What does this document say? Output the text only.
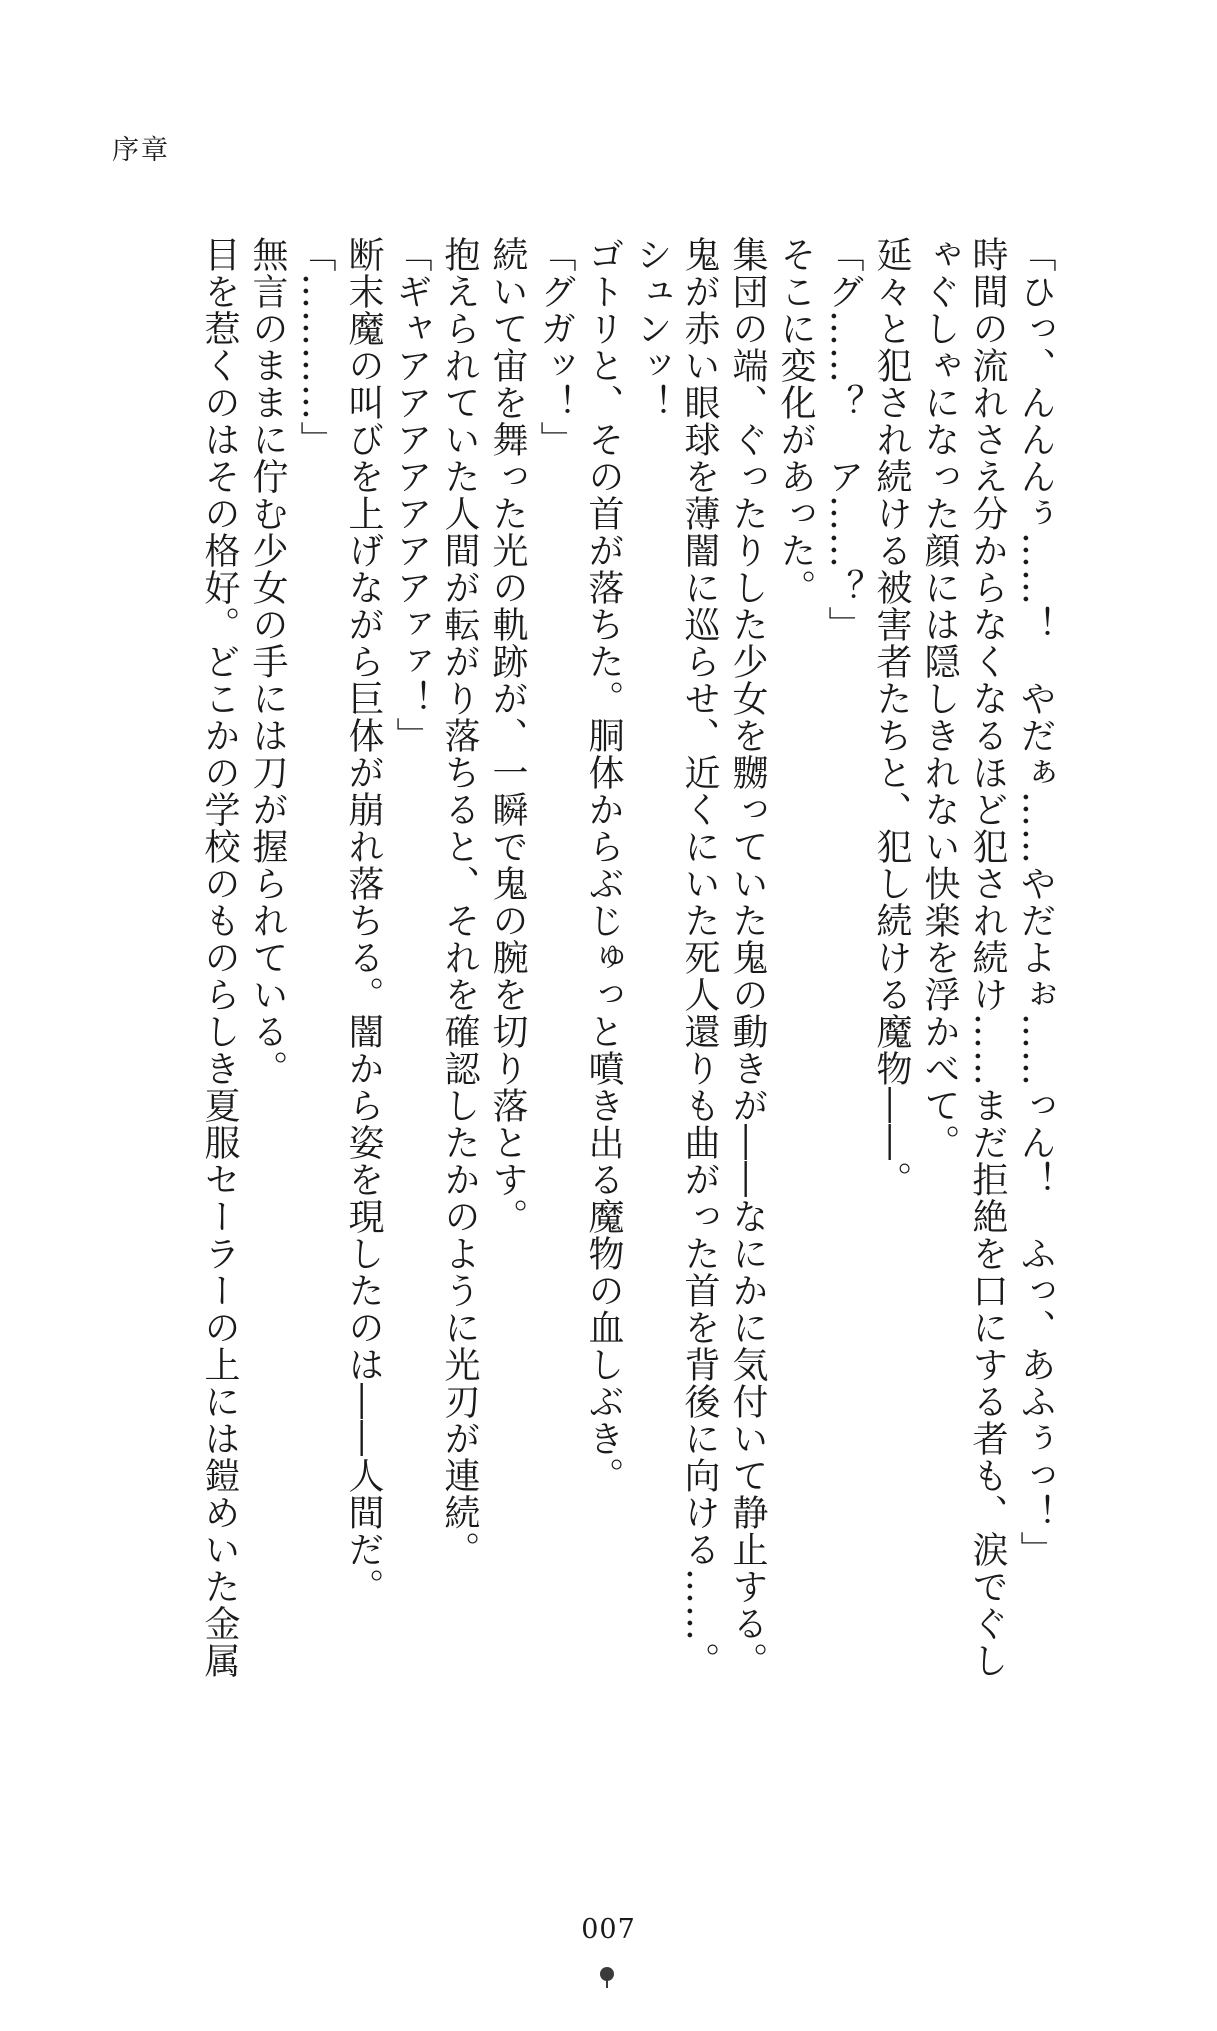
序章

「ひっ、んんんぅ……！　やだぁ……やだよぉ……っん！　ふっ、あふぅっ！」

時間の流れさえ分からなくなるほど犯され続け……まだ拒絶を口にする者も、涙でぐし

ゃぐしゃになった顔には隠しきれない快楽を浮かべて。

延々と犯され続ける被害者たちと、犯し続ける魔物――。

「グ……？　ア……？」

そこに変化があった。

集団の端、ぐったりした少女を嬲っていた鬼の動きが――なにかに気付いて静止する。

鬼が赤い眼球を薄闇に巡らせ、近くにいた死人還りも曲がった首を背後に向ける……。

シュンッ！

ゴトリと、その首が落ちた。胴体からぶじゅっと噴き出る魔物の血しぶき。

「グガッ！」

続いて宙を舞った光の軌跡が、一瞬で鬼の腕を切り落とす。

抱えられていた人間が転がり落ちると、それを確認したかのように光刃が連続。

「ギャアアアアアアアァァ！」

断末魔の叫びを上げながら巨体が崩れ落ちる。闇から姿を現したのは――人間だ。

「…………」

無言のままに佇む少女の手には刀が握られている。

目を惹くのはその格好。どこかの学校のものらしき夏服セーラーの上には鎧めいた金属

007
